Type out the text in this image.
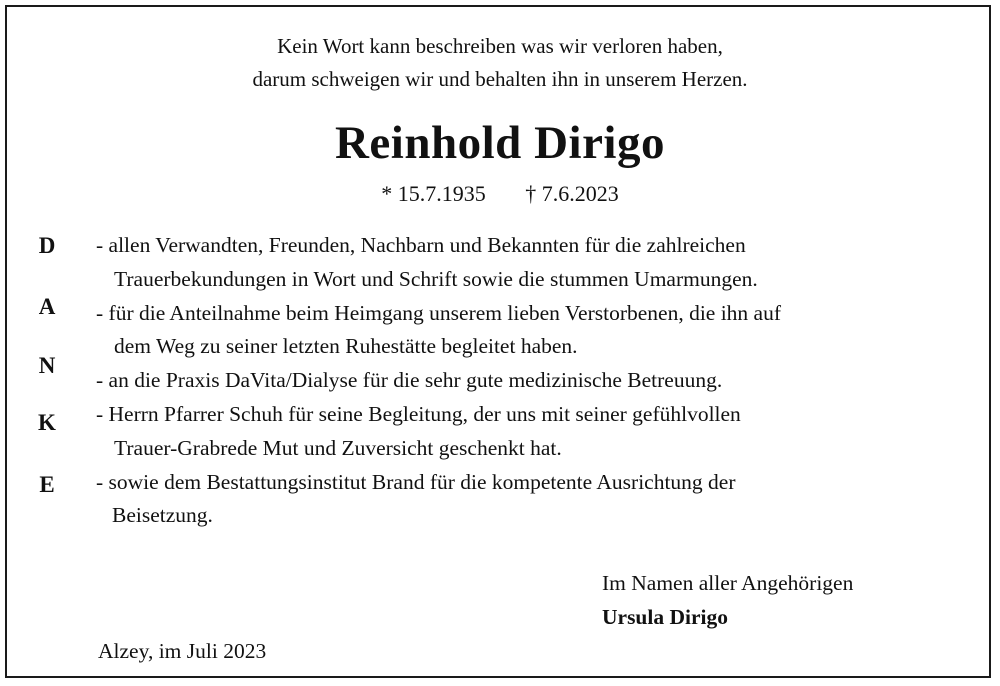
Kein Wort kann beschreiben was wir verloren haben,
darum schweigen wir und behalten ihn in unserem Herzen.
Reinhold Dirigo
* 15.7.1935 † 7.6.2023
D
A
N
K
E

- allen Verwandten, Freunden, Nachbarn und Bekannten für die zahlreichen
Trauerbekundungen in Wort und Schrift sowie die stummen Umarmungen.

- für die Anteilnahme beim Heimgang unserem lieben Verstorbenen, die ihn auf
dem Weg zu seiner letzten Ruhestätte begleitet haben.

- an die Praxis DaVita/Dialyse für die sehr gute medizinische Betreuung.

- Herrn Pfarrer Schuh für seine Begleitung, der uns mit seiner gefühlvollen
Trauer-Grabrede Mut und Zuversicht geschenkt hat.

- sowie dem Bestattungsinstitut Brand für die kompetente Ausrichtung der
Beisetzung.

Im Namen aller Angehörigen
Ursula Dirigo
Alzey, im Juli 2023
